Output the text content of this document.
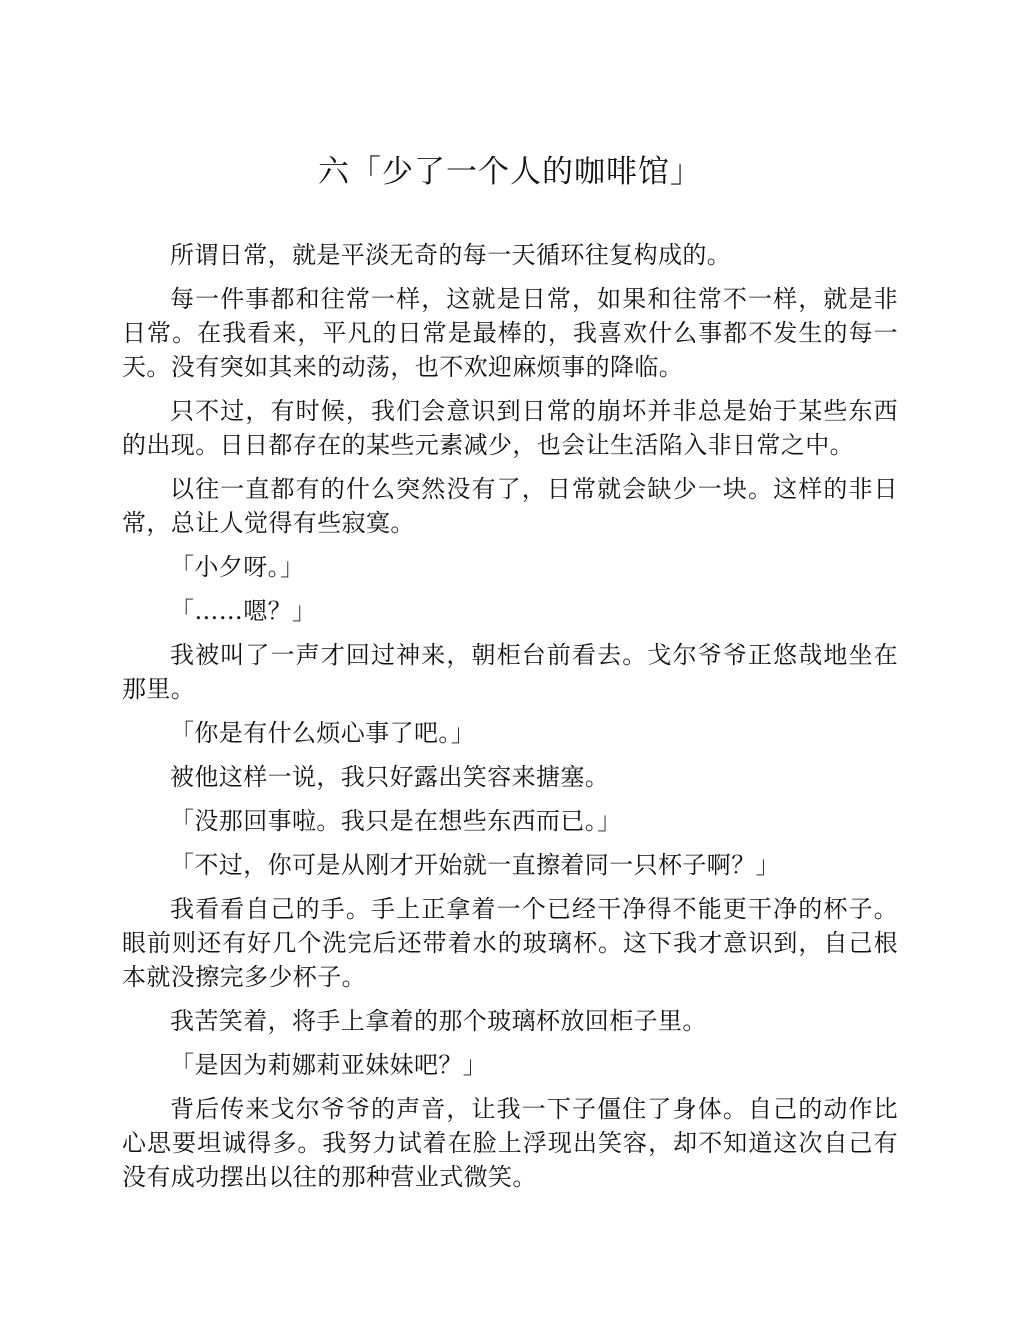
六「少了一个人的咖啡馆」

所谓日常，就是平淡无奇的每一天循环往复构成的。

每一件事都和往常一样，这就是日常，如果和往常不一样，就是非日常。在我看来，平凡的日常是最棒的，我喜欢什么事都不发生的每一天。没有突如其来的动荡，也不欢迎麻烦事的降临。

只不过，有时候，我们会意识到日常的崩坏并非总是始于某些东西的出现。日日都存在的某些元素减少，也会让生活陷入非日常之中。

以往一直都有的什么突然没有了，日常就会缺少一块。这样的非日常，总让人觉得有些寂寞。

「小夕呀。」

「……嗯？」

我被叫了一声才回过神来，朝柜台前看去。戈尔爷爷正悠哉地坐在那里。

「你是有什么烦心事了吧。」

被他这样一说，我只好露出笑容来搪塞。

「没那回事啦。我只是在想些东西而已。」

「不过，你可是从刚才开始就一直擦着同一只杯子啊？」

我看看自己的手。手上正拿着一个已经干净得不能更干净的杯子。眼前则还有好几个洗完后还带着水的玻璃杯。这下我才意识到，自己根本就没擦完多少杯子。

我苦笑着，将手上拿着的那个玻璃杯放回柜子里。

「是因为莉娜莉亚妹妹吧？」

背后传来戈尔爷爷的声音，让我一下子僵住了身体。自己的动作比心思要坦诚得多。我努力试着在脸上浮现出笑容，却不知道这次自己有没有成功摆出以往的那种营业式微笑。
